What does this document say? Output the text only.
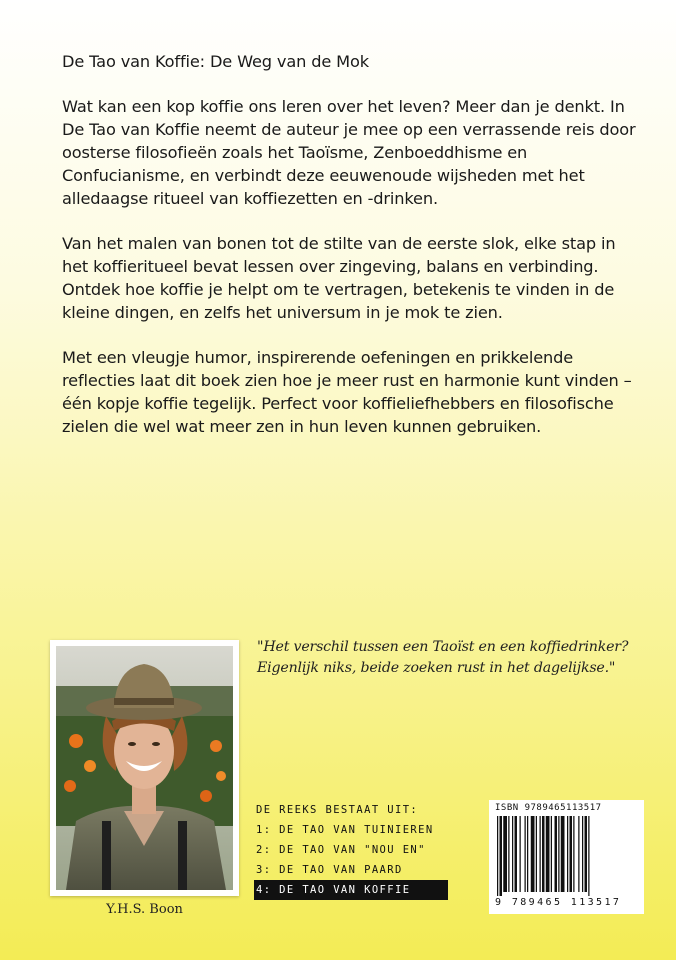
De Tao van Koffie: De Weg van de Mok

Wat kan een kop koffie ons leren over het leven? Meer dan je denkt. In De Tao van Koffie neemt de auteur je mee op een verrassende reis door oosterse filosofieën zoals het Taoïsme, Zenboeddhisme en Confucianisme, en verbindt deze eeuwenoude wijsheden met het alledaagse ritueel van koffiezetten en -drinken.

Van het malen van bonen tot de stilte van de eerste slok, elke stap in het koffieritueel bevat lessen over zingeving, balans en verbinding. Ontdek hoe koffie je helpt om te vertragen, betekenis te vinden in de kleine dingen, en zelfs het universum in je mok te zien.

Met een vleugje humor, inspirerende oefeningen en prikkelende reflecties laat dit boek zien hoe je meer rust en harmonie kunt vinden – één kopje koffie tegelijk. Perfect voor koffieliefhebbers en filosofische zielen die wel wat meer zen in hun leven kunnen gebruiken.

Y.H.S. Boon
"Het verschil tussen een Taoïst en een koffiedrinker?
Eigenlijk niks, beide zoeken rust in het dagelijkse."
DE REEKS BESTAAT UIT:
1: DE TAO VAN TUINIEREN
2: DE TAO VAN "NOU EN"
3: DE TAO VAN PAARD
4: DE TAO VAN KOFFIE
ISBN 9789465113517
9 789465 113517
